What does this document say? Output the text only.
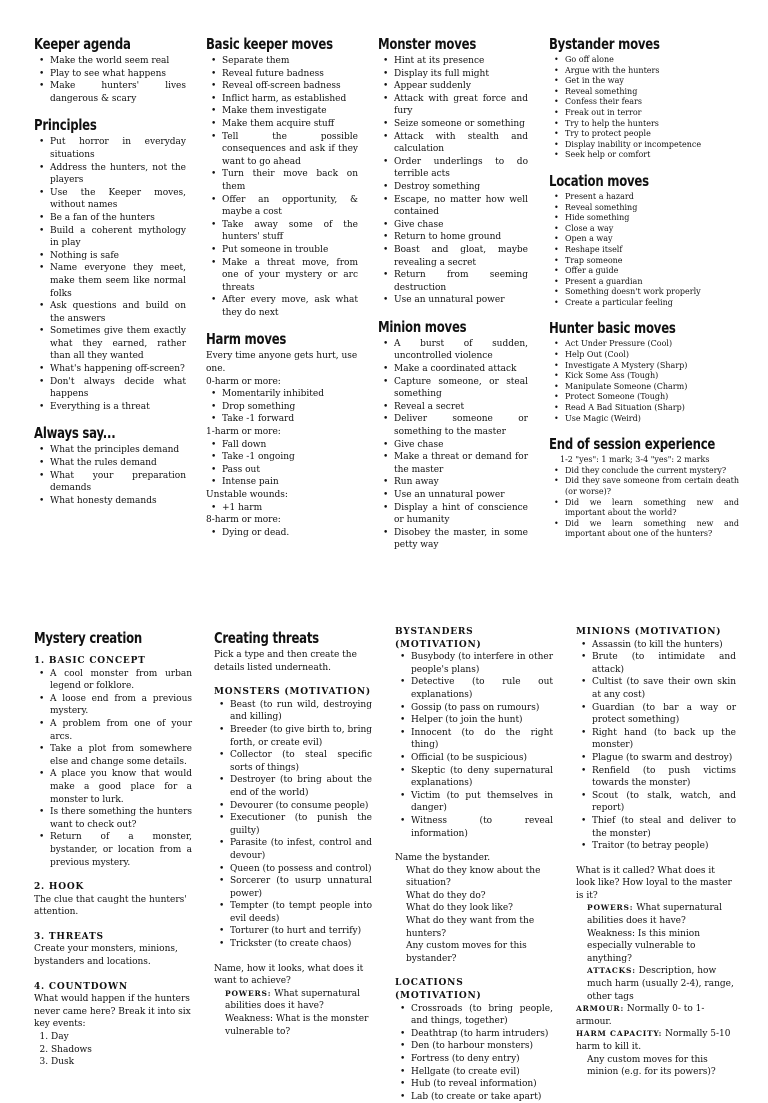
Keeper agenda
• Make the world seem real
• Play to see what happens
• Make hunters' lives dangerous & scary
Principles
• Put horror in everyday situations
• Address the hunters, not the players
• Use the Keeper moves, without names
• Be a fan of the hunters
• Build a coherent mythology in play
• Nothing is safe
• Name everyone they meet, make them seem like normal folks
• Ask questions and build on the answers
• Sometimes give them exactly what they earned, rather than all they wanted
• What's happening off-screen?
• Don't always decide what happens
• Everything is a threat
Always say...
• What the principles demand
• What the rules demand
• What your preparation demands
• What honesty demands
Basic keeper moves
• Separate them
• Reveal future badness
• Reveal off-screen badness
• Inflict harm, as established
• Make them investigate
• Make them acquire stuff
• Tell the possible consequences and ask if they want to go ahead
• Turn their move back on them
• Offer an opportunity, & maybe a cost
• Take away some of the hunters' stuff
• Put someone in trouble
• Make a threat move, from one of your mystery or arc threats
• After every move, ask what they do next
Harm moves

Every time anyone gets hurt, use one.

0-harm or more:

• Momentarily inhibited
• Drop something
• Take -1 forward

1-harm or more:

• Fall down
• Take -1 ongoing
• Pass out
• Intense pain

Unstable wounds:

• +1 harm

8-harm or more:

• Dying or dead.
Monster moves
• Hint at its presence
• Display its full might
• Appear suddenly
• Attack with great force and fury
• Seize someone or something
• Attack with stealth and calculation
• Order underlings to do terrible acts
• Destroy something
• Escape, no matter how well contained
• Give chase
• Return to home ground
• Boast and gloat, maybe revealing a secret
• Return from seeming destruction
• Use an unnatural power
Minion moves
• A burst of sudden, uncontrolled violence
• Make a coordinated attack
• Capture someone, or steal something
• Reveal a secret
• Deliver someone or something to the master
• Give chase
• Make a threat or demand for the master
• Run away
• Use an unnatural power
• Display a hint of conscience or humanity
• Disobey the master, in some petty way
Bystander moves
• Go off alone
• Argue with the hunters
• Get in the way
• Reveal something
• Confess their fears
• Freak out in terror
• Try to help the hunters
• Try to protect people
• Display inability or incompetence
• Seek help or comfort
Location moves
• Present a hazard
• Reveal something
• Hide something
• Close a way
• Open a way
• Reshape itself
• Trap someone
• Offer a guide
• Present a guardian
• Something doesn't work properly
• Create a particular feeling
Hunter basic moves
• Act Under Pressure (Cool)
• Help Out (Cool)
• Investigate A Mystery (Sharp)
• Kick Some Ass (Tough)
• Manipulate Someone (Charm)
• Protect Someone (Tough)
• Read A Bad Situation (Sharp)
• Use Magic (Weird)
End of session experience

1-2 "yes": 1 mark; 3-4 "yes": 2 marks

• Did they conclude the current mystery?
• Did they save someone from certain death (or worse)?
• Did we learn something new and important about the world?
• Did we learn something new and important about one of the hunters?
Mystery creation
1. BASIC CONCEPT
• A cool monster from urban legend or folklore.
• A loose end from a previous mystery.
• A problem from one of your arcs.
• Take a plot from somewhere else and change some details.
• A place you know that would make a good place for a monster to lurk.
• Is there something the hunters want to check out?
• Return of a monster, bystander, or location from a previous mystery.
2. HOOK

The clue that caught the hunters' attention.

3. THREATS

Create your monsters, minions, bystanders and locations.

4. COUNTDOWN

What would happen if the hunters never came here? Break it into six key events:

1. Day
2. Shadows
3. Dusk
Creating threats

Pick a type and then create the details listed underneath.

MONSTERS (MOTIVATION)
• Beast (to run wild, destroying and killing)
• Breeder (to give birth to, bring forth, or create evil)
• Collector (to steal specific sorts of things)
• Destroyer (to bring about the end of the world)
• Devourer (to consume people)
• Executioner (to punish the guilty)
• Parasite (to infest, control and devour)
• Queen (to possess and control)
• Sorcerer (to usurp unnatural power)
• Tempter (to tempt people into evil deeds)
• Torturer (to hurt and terrify)
• Trickster (to create chaos)

Name, how it looks, what does it want to achieve?

POWERS: What supernatural abilities does it have?

Weakness: What is the monster vulnerable to?

BYSTANDERS (MOTIVATION)
• Busybody (to interfere in other people's plans)
• Detective (to rule out explanations)
• Gossip (to pass on rumours)
• Helper (to join the hunt)
• Innocent (to do the right thing)
• Official (to be suspicious)
• Skeptic (to deny supernatural explanations)
• Victim (to put themselves in danger)
• Witness (to reveal information)

Name the bystander.

What do they know about the situation?

What do they do?

What do they look like?

What do they want from the hunters?

Any custom moves for this bystander?

LOCATIONS (MOTIVATION)
• Crossroads (to bring people, and things, together)
• Deathtrap (to harm intruders)
• Den (to harbour monsters)
• Fortress (to deny entry)
• Hellgate (to create evil)
• Hub (to reveal information)
• Lab (to create or take apart)
MINIONS (MOTIVATION)
• Assassin (to kill the hunters)
• Brute (to intimidate and attack)
• Cultist (to save their own skin at any cost)
• Guardian (to bar a way or protect something)
• Right hand (to back up the monster)
• Plague (to swarm and destroy)
• Renfield (to push victims towards the monster)
• Scout (to stalk, watch, and report)
• Thief (to steal and deliver to the monster)
• Traitor (to betray people)

What is it called? What does it look like? How loyal to the master is it?

POWERS: What supernatural abilities does it have?

Weakness: Is this minion especially vulnerable to anything?

ATTACKS: Description, how much harm (usually 2-4), range, other tags

ARMOUR: Normally 0- to 1-armour.

HARM CAPACITY: Normally 5-10 harm to kill it.

Any custom moves for this minion (e.g. for its powers)?
